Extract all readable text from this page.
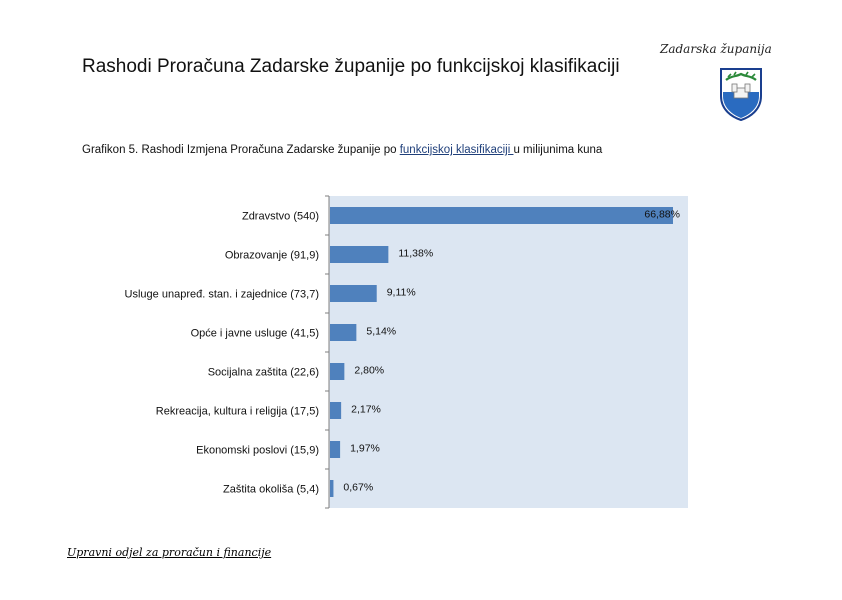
Rashodi Proračuna Zadarske županije po funkcijskoj klasifikaciji
Zadarska županija
Grafikon 5. Rashodi Izmjena Proračuna Zadarske županije po funkcijskoj klasifikaciji u milijunima kuna
Zdravstvo (540)	66,88%
Obrazovanje (91,9)	11,38%
Usluge unapređ. stan. i zajednice (73,7)	9,11%
Opće i javne usluge (41,5)	5,14%
Socijalna zaštita (22,6)	2,80%
Rekreacija, kultura i religija (17,5)	2,17%
Ekonomski poslovi (15,9)	1,97%
Zaštita okoliša (5,4) 0,67%
Upravni odjel za proračun i financije
